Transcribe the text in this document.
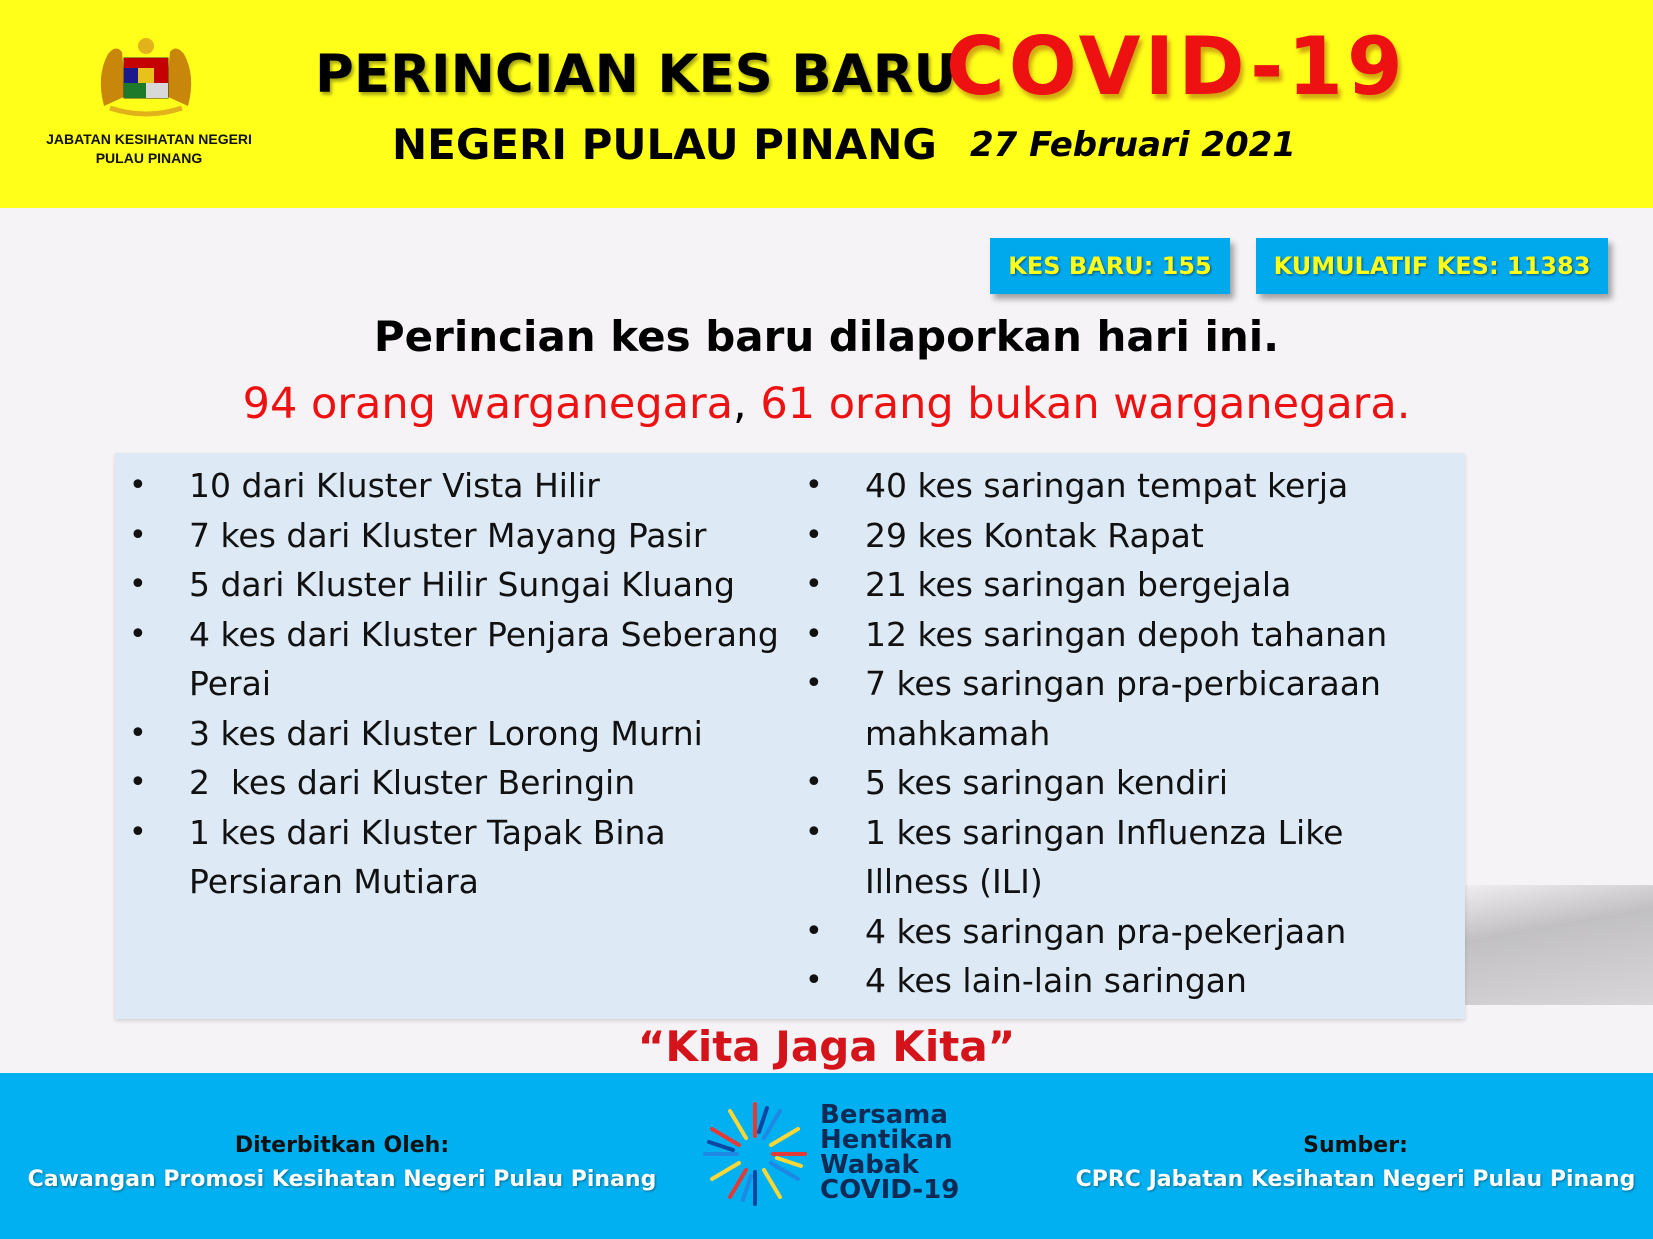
JABATAN KESIHATAN NEGERI
PULAU PINANG
PERINCIAN KES BARU
COVID-19
NEGERI PULAU PINANG 27 Februari 2021
KES BARU: 155	KUMULATIF KES: 11383
Perincian kes baru dilaporkan hari ini.
94 orang warganegara, 61 orang bukan warganegara.
• 10 dari Kluster Vista Hilir
• 7 kes dari Kluster Mayang Pasir
• 5 dari Kluster Hilir Sungai Kluang
• 4 kes dari Kluster Penjara Seberang Perai
• 3 kes dari Kluster Lorong Murni
• 2  kes dari Kluster Beringin
• 1 kes dari Kluster Tapak Bina Persiaran Mutiara
• 40 kes saringan tempat kerja
• 29 kes Kontak Rapat
• 21 kes saringan bergejala
• 12 kes saringan depoh tahanan
• 7 kes saringan pra-perbicaraan mahkamah
• 5 kes saringan kendiri
• 1 kes saringan Influenza Like Illness (ILI)
• 4 kes saringan pra-pekerjaan
• 4 kes lain-lain saringan
“Kita Jaga Kita”
Diterbitkan Oleh:
Cawangan Promosi Kesihatan Negeri Pulau Pinang
Bersama
Hentikan
Wabak
COVID-19
Sumber:
CPRC Jabatan Kesihatan Negeri Pulau Pinang
